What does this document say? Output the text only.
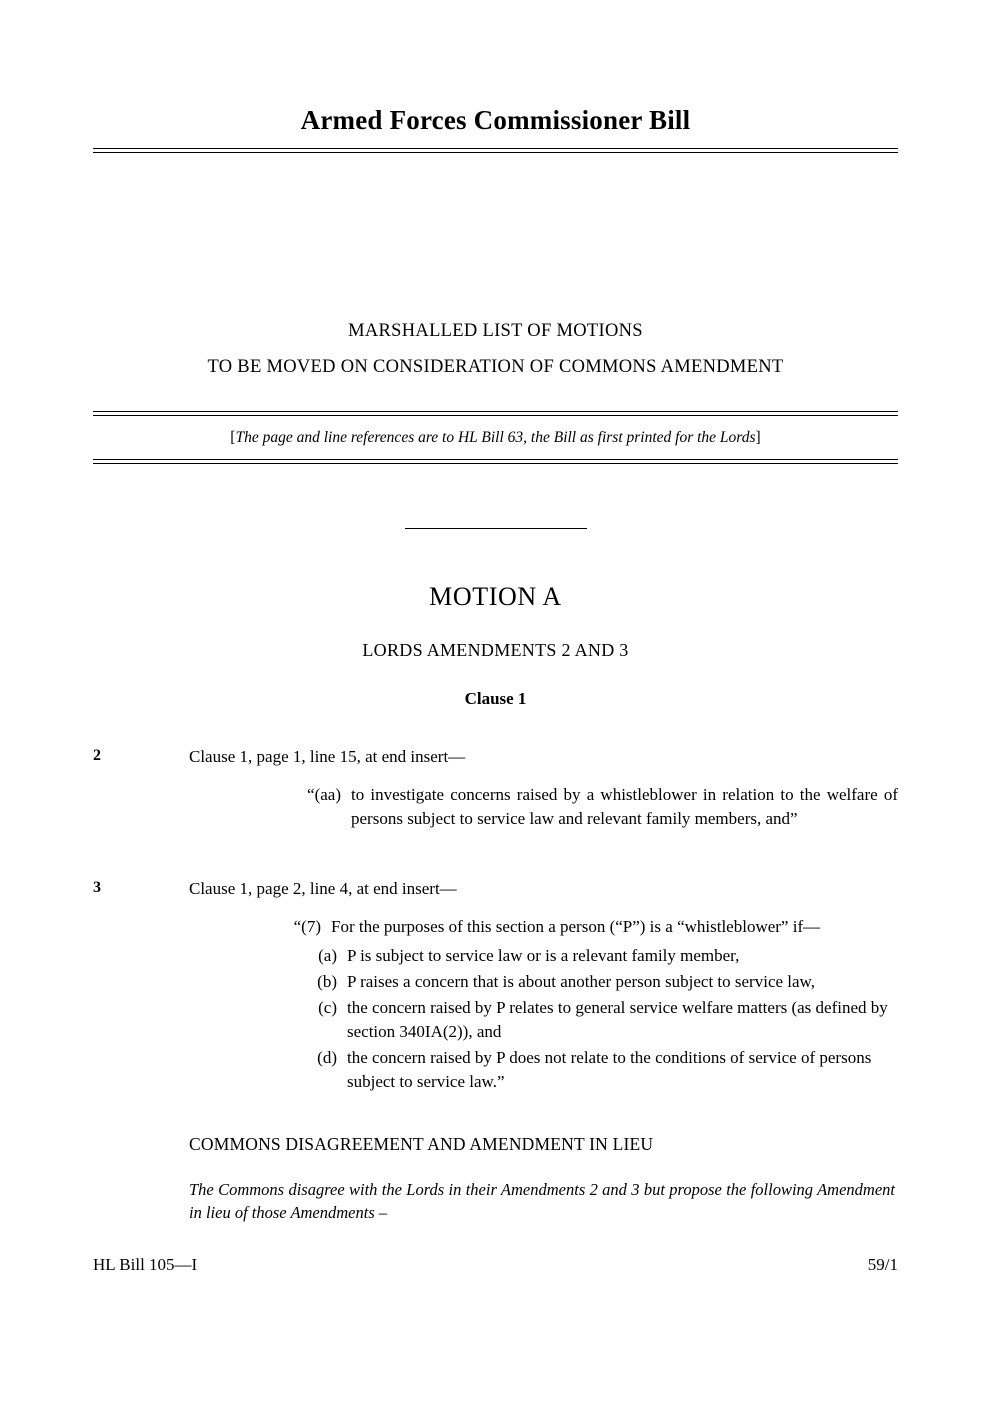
Armed Forces Commissioner Bill
MARSHALLED LIST OF MOTIONS
TO BE MOVED ON CONSIDERATION OF COMMONS AMENDMENT
[The page and line references are to HL Bill 63, the Bill as first printed for the Lords]
MOTION A
LORDS AMENDMENTS 2 AND 3
Clause 1
2	Clause 1, page 1, line 15, at end insert—
“(aa) to investigate concerns raised by a whistleblower in relation to the welfare of persons subject to service law and relevant family members, and”
3	Clause 1, page 2, line 4, at end insert—
“(7) For the purposes of this section a person (“P”) is a “whistleblower” if—
(a) P is subject to service law or is a relevant family member,
(b) P raises a concern that is about another person subject to service law,
(c) the concern raised by P relates to general service welfare matters (as defined by section 340IA(2)), and
(d) the concern raised by P does not relate to the conditions of service of persons subject to service law.”
COMMONS DISAGREEMENT AND AMENDMENT IN LIEU
The Commons disagree with the Lords in their Amendments 2 and 3 but propose the following Amendment in lieu of those Amendments –
HL Bill 105—I	59/1
